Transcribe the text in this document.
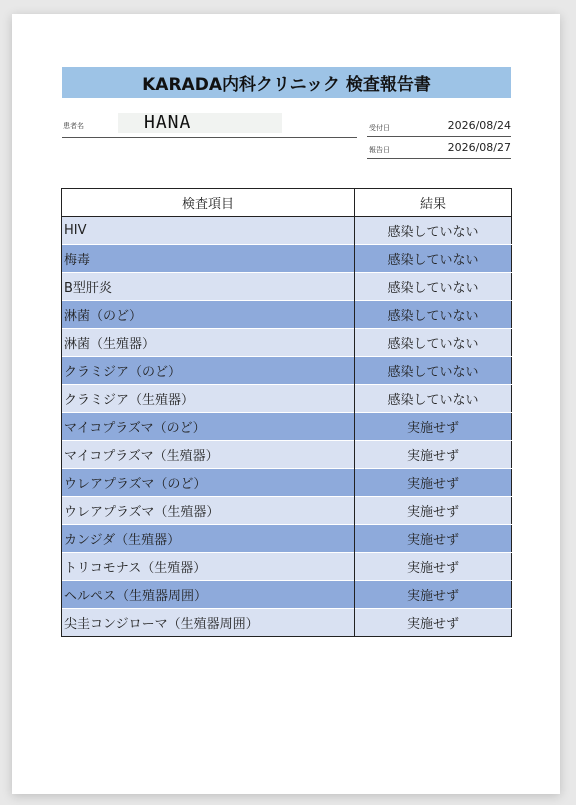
KARADA内科クリニック 検査報告書
患者名	HANA	受付日	2026/08/24
報告日	2026/08/27
検査項目	結果
HIV	感染していない
梅毒	感染していない
B型肝炎	感染していない
淋菌（のど）	感染していない
淋菌（生殖器）	感染していない
クラミジア（のど）	感染していない
クラミジア（生殖器）	感染していない
マイコプラズマ（のど）	実施せず
マイコプラズマ（生殖器）	実施せず
ウレアプラズマ（のど）	実施せず
ウレアプラズマ（生殖器）	実施せず
カンジダ（生殖器）	実施せず
トリコモナス（生殖器）	実施せず
ヘルペス（生殖器周囲）	実施せず
尖圭コンジローマ（生殖器周囲）	実施せず
